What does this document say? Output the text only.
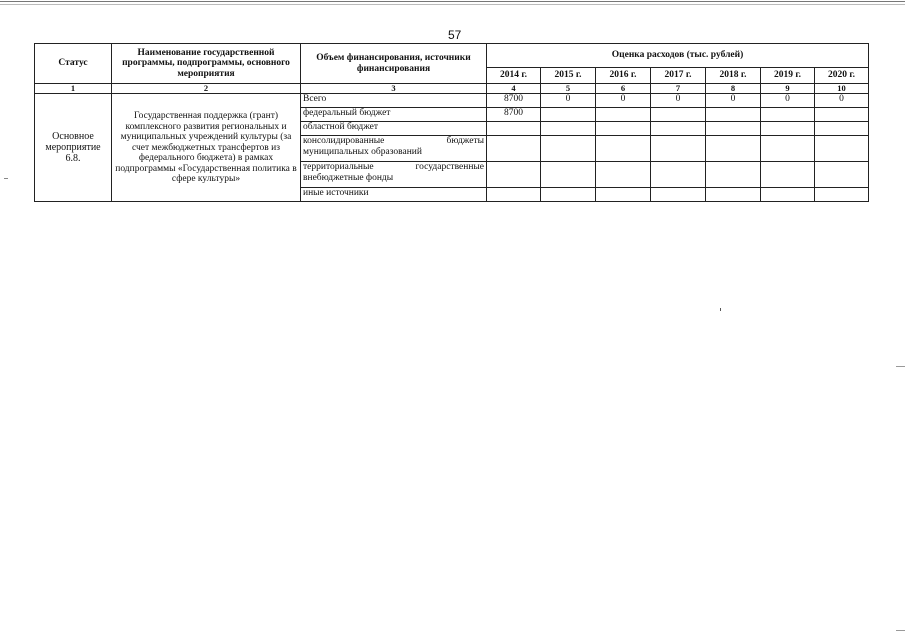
57
Статус	Наименование государственной программы, подпрограммы, основного мероприятия	Объем финансирования, источники финансирования	Оценка расходов (тыс. рублей)						
			2014 г.	2015 г.	2016 г.	2017 г.	2018 г.	2019 г.	2020 г.
1	2	3	4	5	6	7	8	9	10
Основное мероприятие 6.8.	Государственная поддержка (грант) комплексного развития региональных и муниципальных учреждений культуры (за счет межбюджетных трансфертов из федерального бюджета) в рамках подпрограммы «Государственная политика в сфере культуры»	Всего	8700	0	0	0	0	0	0
		федеральный бюджет	8700						
		областной бюджет							

		консолидированные бюджеты
муниципальных образований							

		территориальные государственные
внебюджетные фонды							

		иные источники							
